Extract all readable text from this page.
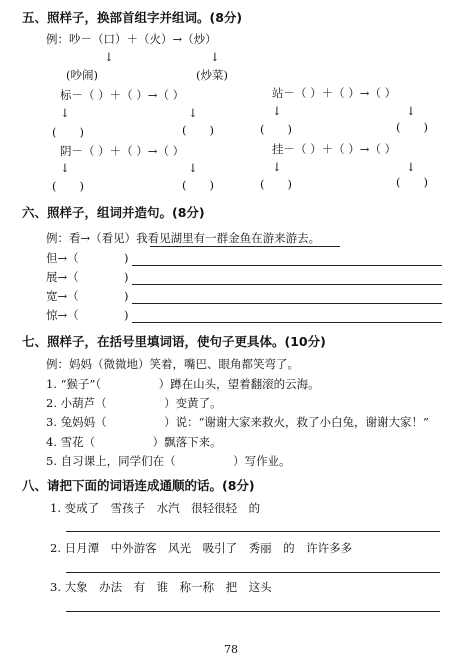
五、照样子，换部首组字并组词。(8分)
例：吵－（口）＋（火）→（炒）
↓	↓
(吵闹)	(炒菜)
标－（ ）＋（ ）→（ ）	站－（ ）＋（ ）→（ ）
↓	↓	↓	↓
(　　)	(　　)	(　　)	(　　)
阴－（ ）＋（ ）→（ ）	挂－（ ）＋（ ）→（ ）
↓	↓	↓	↓
(　　)	(　　)	(　　)	(　　)
六、照样子，组词并造句。(8分)
例：看→（看见）我看见湖里有一群金鱼在游来游去。
但→（	)
展→（	)
宽→（	)
惊→（	)
七、照样子，在括号里填词语，使句子更具体。(10分)
例：妈妈（微微地）笑着，嘴巴、眼角都笑弯了。
1. “猴子”（　　　　　）蹲在山头，望着翻滚的云海。
2. 小葫芦（　　　　　）变黄了。
3. 兔妈妈（　　　　　）说：“谢谢大家来救火，救了小白兔，谢谢大家！”
4. 雪花（　　　　　）飘落下来。
5. 自习课上，同学们在（　　　　　）写作业。
八、请把下面的词语连成通顺的话。(8分)
1. 变成了　雪孩子　水汽　很轻很轻　的
2. 日月潭　中外游客　风光　吸引了　秀丽　的　许许多多
3. 大象　办法　有　谁　称一称　把　这头
78
